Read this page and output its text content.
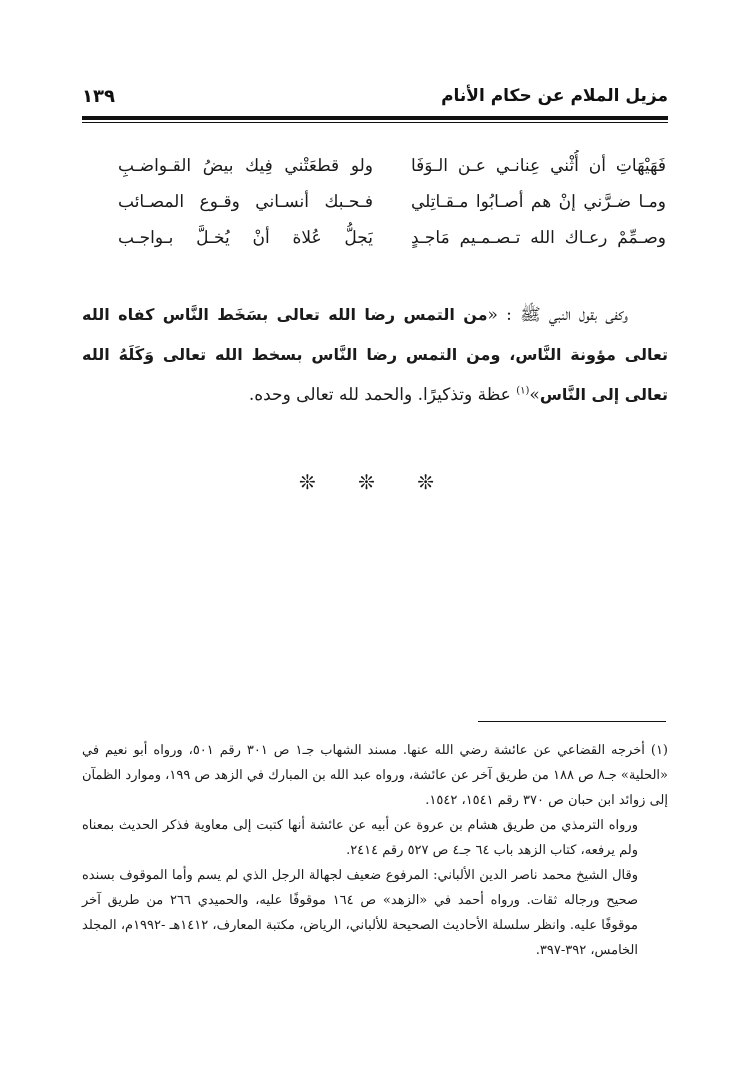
مزيل الملام عن حكام الأنام
١٣٩
فَهَيْهَاتِ أن أُثْني عِنانـي عـن الـوَفَا
ولو قطعَتْني فِيك بيضُ القـواضـبِ
ومـا ضـرَّني إنْ هم أصـابُوا مـقـاتِلي
فـحـبك أنسـاني وقـوع المصـائب
وصـمِّمْ رعـاك الله تـصـمـيم مَاجـدٍ
يَجلُّ عُلاة أنْ يُخـلَّ بـواجـب

وكفى بقول النبي ﷺ : «من التمس رضا الله تعالى بسَخَط النَّاس كفاه الله تعالى مؤونة النَّاس، ومن التمس رضا النَّاس بسخط الله تعالى وَكَلَهُ الله تعالى إلى النَّاس»$^{(١)}$ عظة وتذكيرًا. والحمد لله تعالى وحده.

❊ ❊ ❊

(١)أخرجه القضاعي عن عائشة رضي الله عنها. مسند الشهاب جـ١ ص ٣٠١ رقم ٥٠١، ورواه أبو نعيم في «الحلية» جـ٨ ص ١٨٨ من طريق آخر عن عائشة، ورواه عبد الله بن المبارك في الزهد ص ١٩٩، وموارد الظمآن إلى زوائد ابن حبان ص ٣٧٠ رقم ١٥٤١، ١٥٤٢.

ورواه الترمذي من طريق هشام بن عروة عن أبيه عن عائشة أنها كتبت إلى معاوية فذكر الحديث بمعناه ولم يرفعه، كتاب الزهد باب ٦٤ جـ٤ ص ٥٢٧ رقم ٢٤١٤.

وقال الشيخ محمد ناصر الدين الألباني: المرفوع ضعيف لجهالة الرجل الذي لم يسم وأما الموقوف بسنده صحيح ورجاله ثقات. ورواه أحمد في «الزهد» ص ١٦٤ موقوفًا عليه، والحميدي ٢٦٦ من طريق آخر موقوفًا عليه. وانظر سلسلة الأحاديث الصحيحة للألباني، الرياض، مكتبة المعارف، ١٤١٢هـ -١٩٩٢م، المجلد الخامس، ٣٩٢-٣٩٧.
